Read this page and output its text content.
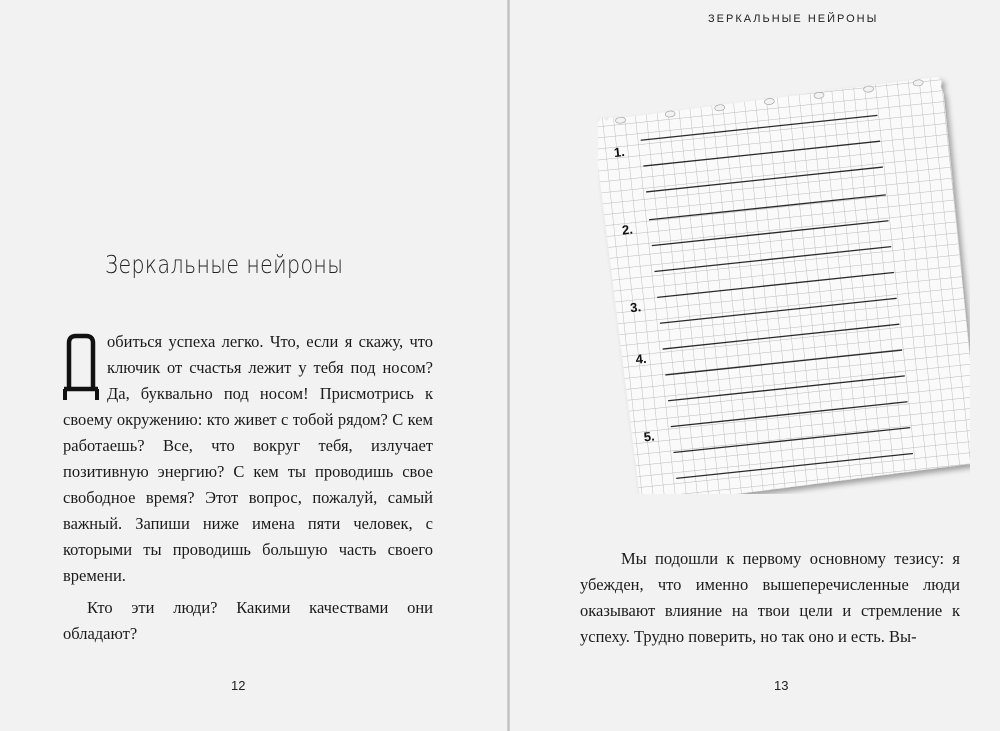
Зеркальные нейроны
обиться успеха легко. Что, если я скажу, что ключик от счастья лежит у тебя под носом? Да, буквально под носом! Присмотрись к своему окружению: кто живет с тобой рядом? С кем работаешь? Все, что вокруг тебя, излучает позитивную энергию? С кем ты проводишь свое свободное время? Этот вопрос, пожалуй, самый важный. Запиши ниже имена пяти человек, с которыми ты проводишь большую часть своего времени.
Кто эти люди? Какими качествами они обладают?
12
ЗЕРКАЛЬНЫЕ НЕЙРОНЫ
1.
2.
3.
4.
5.
Мы подошли к первому основному тезису: я убежден, что именно вышеперечисленные люди оказывают влияние на твои цели и стремление к успеху. Трудно поверить, но так оно и есть. Вы-
13
